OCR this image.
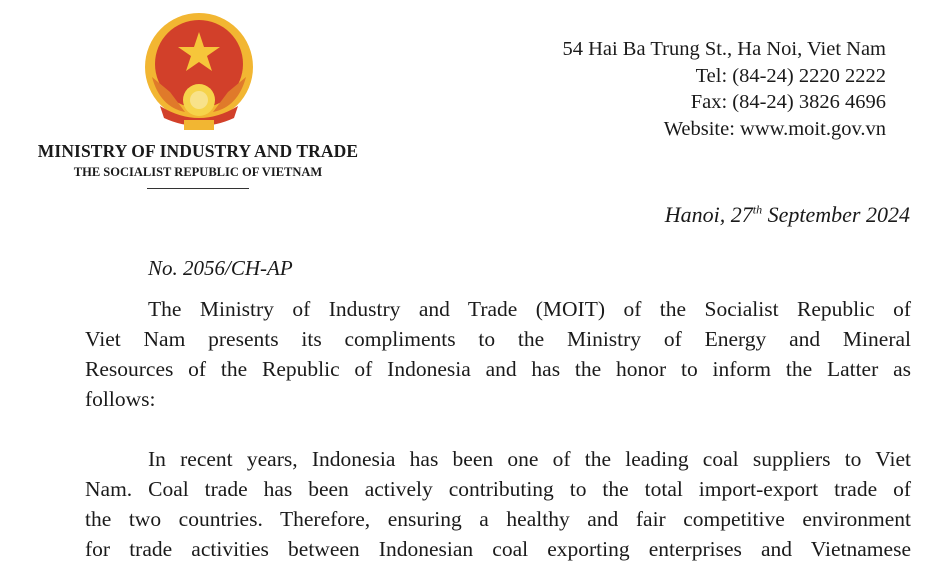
MINISTRY OF INDUSTRY AND TRADE
THE SOCIALIST REPUBLIC OF VIETNAM
54 Hai Ba Trung St., Ha Noi, Viet Nam
Tel: (84-24) 2220 2222
Fax: (84-24) 3826 4696
Website: www.moit.gov.vn
Hanoi, 27th September 2024
No. 2056/CH-AP
The Ministry of Industry and Trade (MOIT) of the Socialist Republic of
Viet Nam presents its compliments to the Ministry of Energy and Mineral
Resources of the Republic of Indonesia and has the honor to inform the Latter as
follows:
In recent years, Indonesia has been one of the leading coal suppliers to Viet
Nam. Coal trade has been actively contributing to the total import-export trade of
the two countries. Therefore, ensuring a healthy and fair competitive environment
for trade activities between Indonesian coal exporting enterprises and Vietnamese
